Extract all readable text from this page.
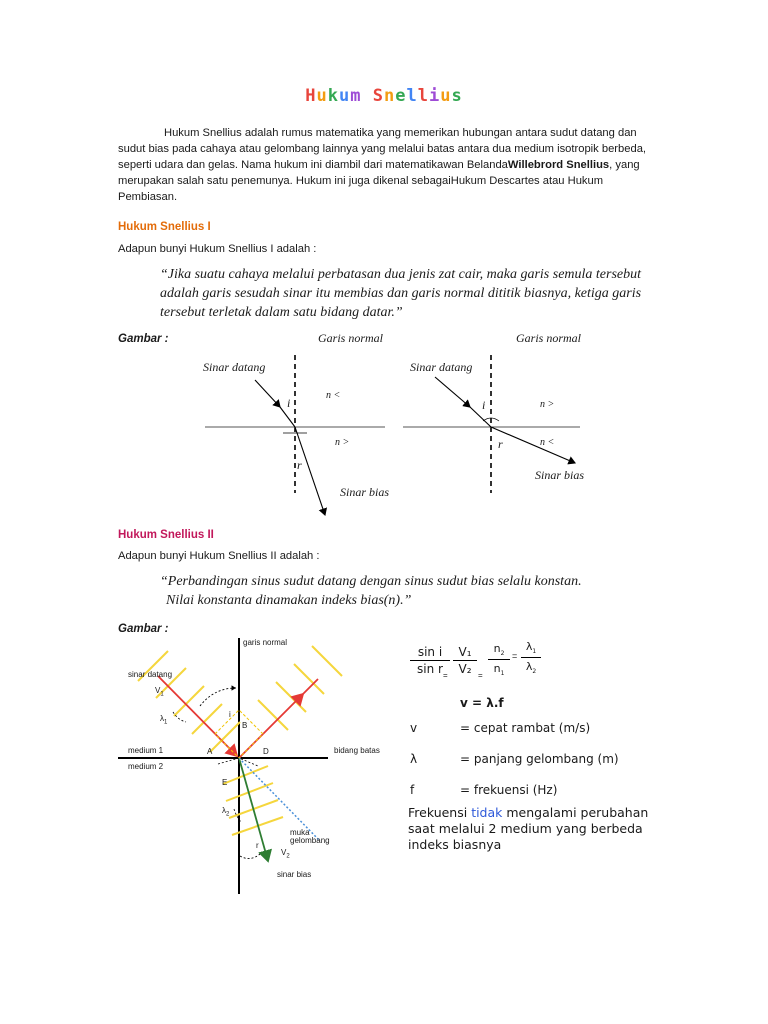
Hukum Snellius
Hukum Snellius adalah rumus matematika yang memerikan hubungan antara sudut datang dan sudut bias pada cahaya atau gelombang lainnya yang melalui batas antara dua medium isotropik berbeda, seperti udara dan gelas. Nama hukum ini diambil dari matematikawan BelandaWillebrord Snellius, yang merupakan salah satu penemunya. Hukum ini juga dikenal sebagaiHukum Descartes atau Hukum Pembiasan.
Hukum Snellius I
Adapun bunyi Hukum Snellius I adalah :
“Jika suatu cahaya melalui perbatasan dua jenis zat cair, maka garis semula tersebut adalah garis sesudah sinar itu membias dan garis normal dititik biasnya, ketiga garis tersebut terletak dalam satu bidang datar.”
Gambar :	Garis normal
Sinar datang
i
n <
n >
r
Sinar bias
Garis normal
Sinar datang
i	n >
n <
r
Sinar bias
Hukum Snellius II
Adapun bunyi Hukum Snellius II adalah :
“Perbandingan sinus sudut datang dengan sinus sudut bias selalu konstan.
Nilai konstanta dinamakan indeks bias(n).”
Gambar :
garis normal
sinar datang
$V_1$
$\lambda_1$
i
B
A	D
medium 1
medium 2
bidang batas
E
$\lambda_2$
muka
gelombang
$V_2$
r
sinar bias
sin i
sin r =
V₁
V₂ =
$n_2$
$n_1$
=
$\lambda_1$
$\lambda_2$
v = λ.f
v	= cepat rambat (m/s)
λ	= panjang gelombang (m)
f	= frekuensi (Hz)
Frekuensi tidak mengalami perubahan saat melalui 2 medium yang berbeda indeks biasnya
